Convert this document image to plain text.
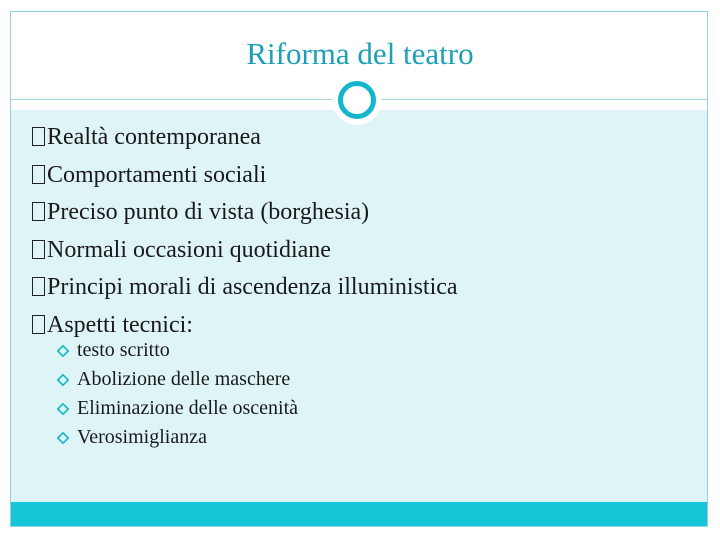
Riforma del teatro
Realtà contemporanea
Comportamenti sociali
Preciso punto di vista (borghesia)
Normali occasioni quotidiane
Principi morali di ascendenza illuministica
Aspetti tecnici:
testo scritto
Abolizione delle maschere
Eliminazione delle oscenità
Verosimiglianza
